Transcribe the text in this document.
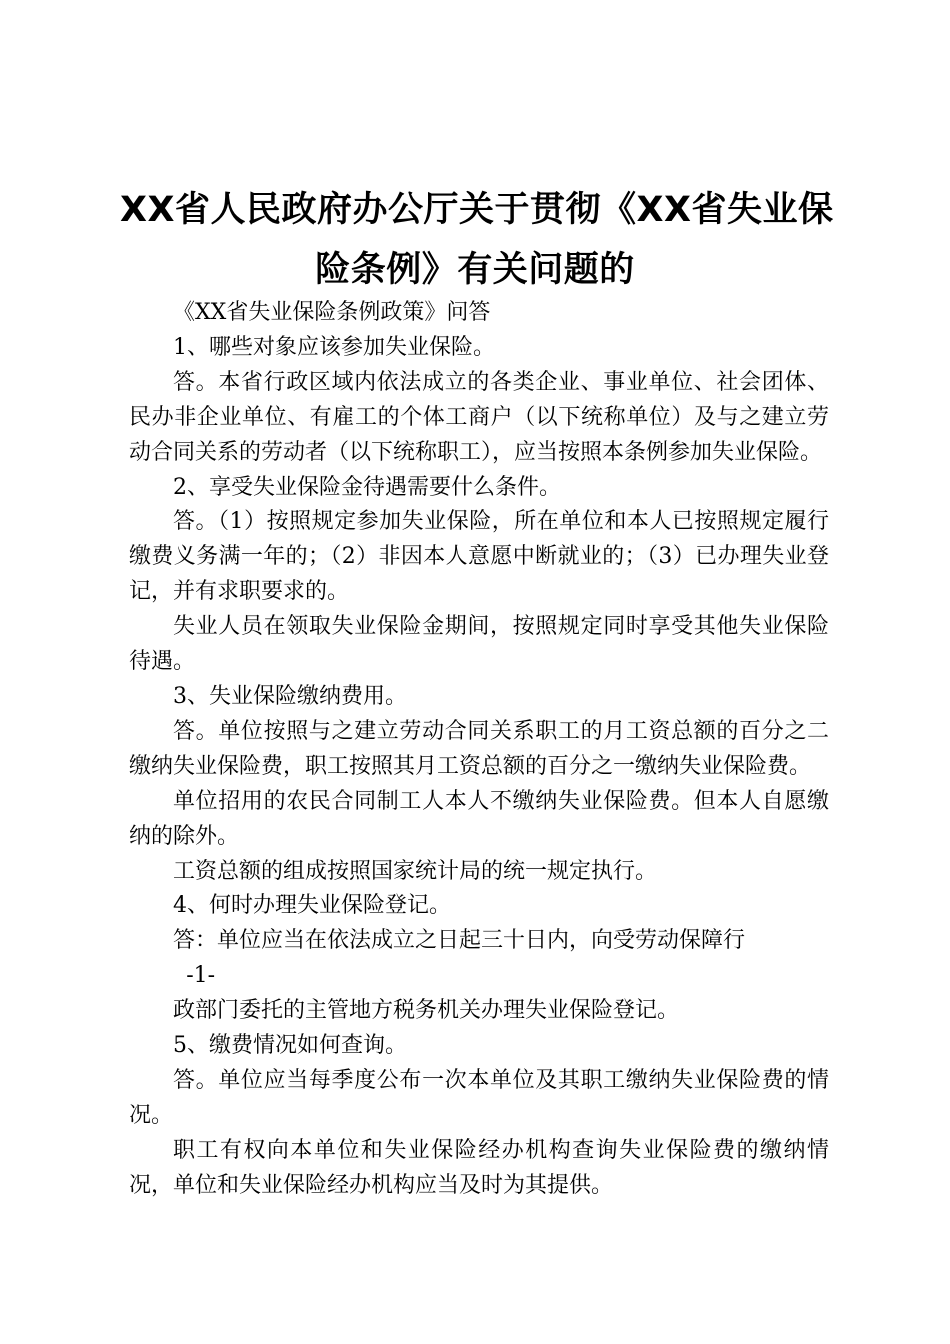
XX省人民政府办公厅关于贯彻《XX省失业保
险条例》有关问题的

《XX省失业保险条例政策》问答

1、哪些对象应该参加失业保险。

答。本省行政区域内依法成立的各类企业、事业单位、社会团体、民办非企业单位、有雇工的个体工商户（以下统称单位）及与之建立劳动合同关系的劳动者（以下统称职工），应当按照本条例参加失业保险。

2、享受失业保险金待遇需要什么条件。

答。（1）按照规定参加失业保险，所在单位和本人已按照规定履行缴费义务满一年的；（2）非因本人意愿中断就业的；（3）已办理失业登记，并有求职要求的。

失业人员在领取失业保险金期间，按照规定同时享受其他失业保险待遇。

3、失业保险缴纳费用。

答。单位按照与之建立劳动合同关系职工的月工资总额的百分之二缴纳失业保险费，职工按照其月工资总额的百分之一缴纳失业保险费。

单位招用的农民合同制工人本人不缴纳失业保险费。但本人自愿缴纳的除外。

工资总额的组成按照国家统计局的统一规定执行。

4、何时办理失业保险登记。

答：单位应当在依法成立之日起三十日内，向受劳动保障行

-1-

政部门委托的主管地方税务机关办理失业保险登记。

5、缴费情况如何查询。

答。单位应当每季度公布一次本单位及其职工缴纳失业保险费的情况。

职工有权向本单位和失业保险经办机构查询失业保险费的缴纳情况，单位和失业保险经办机构应当及时为其提供。
